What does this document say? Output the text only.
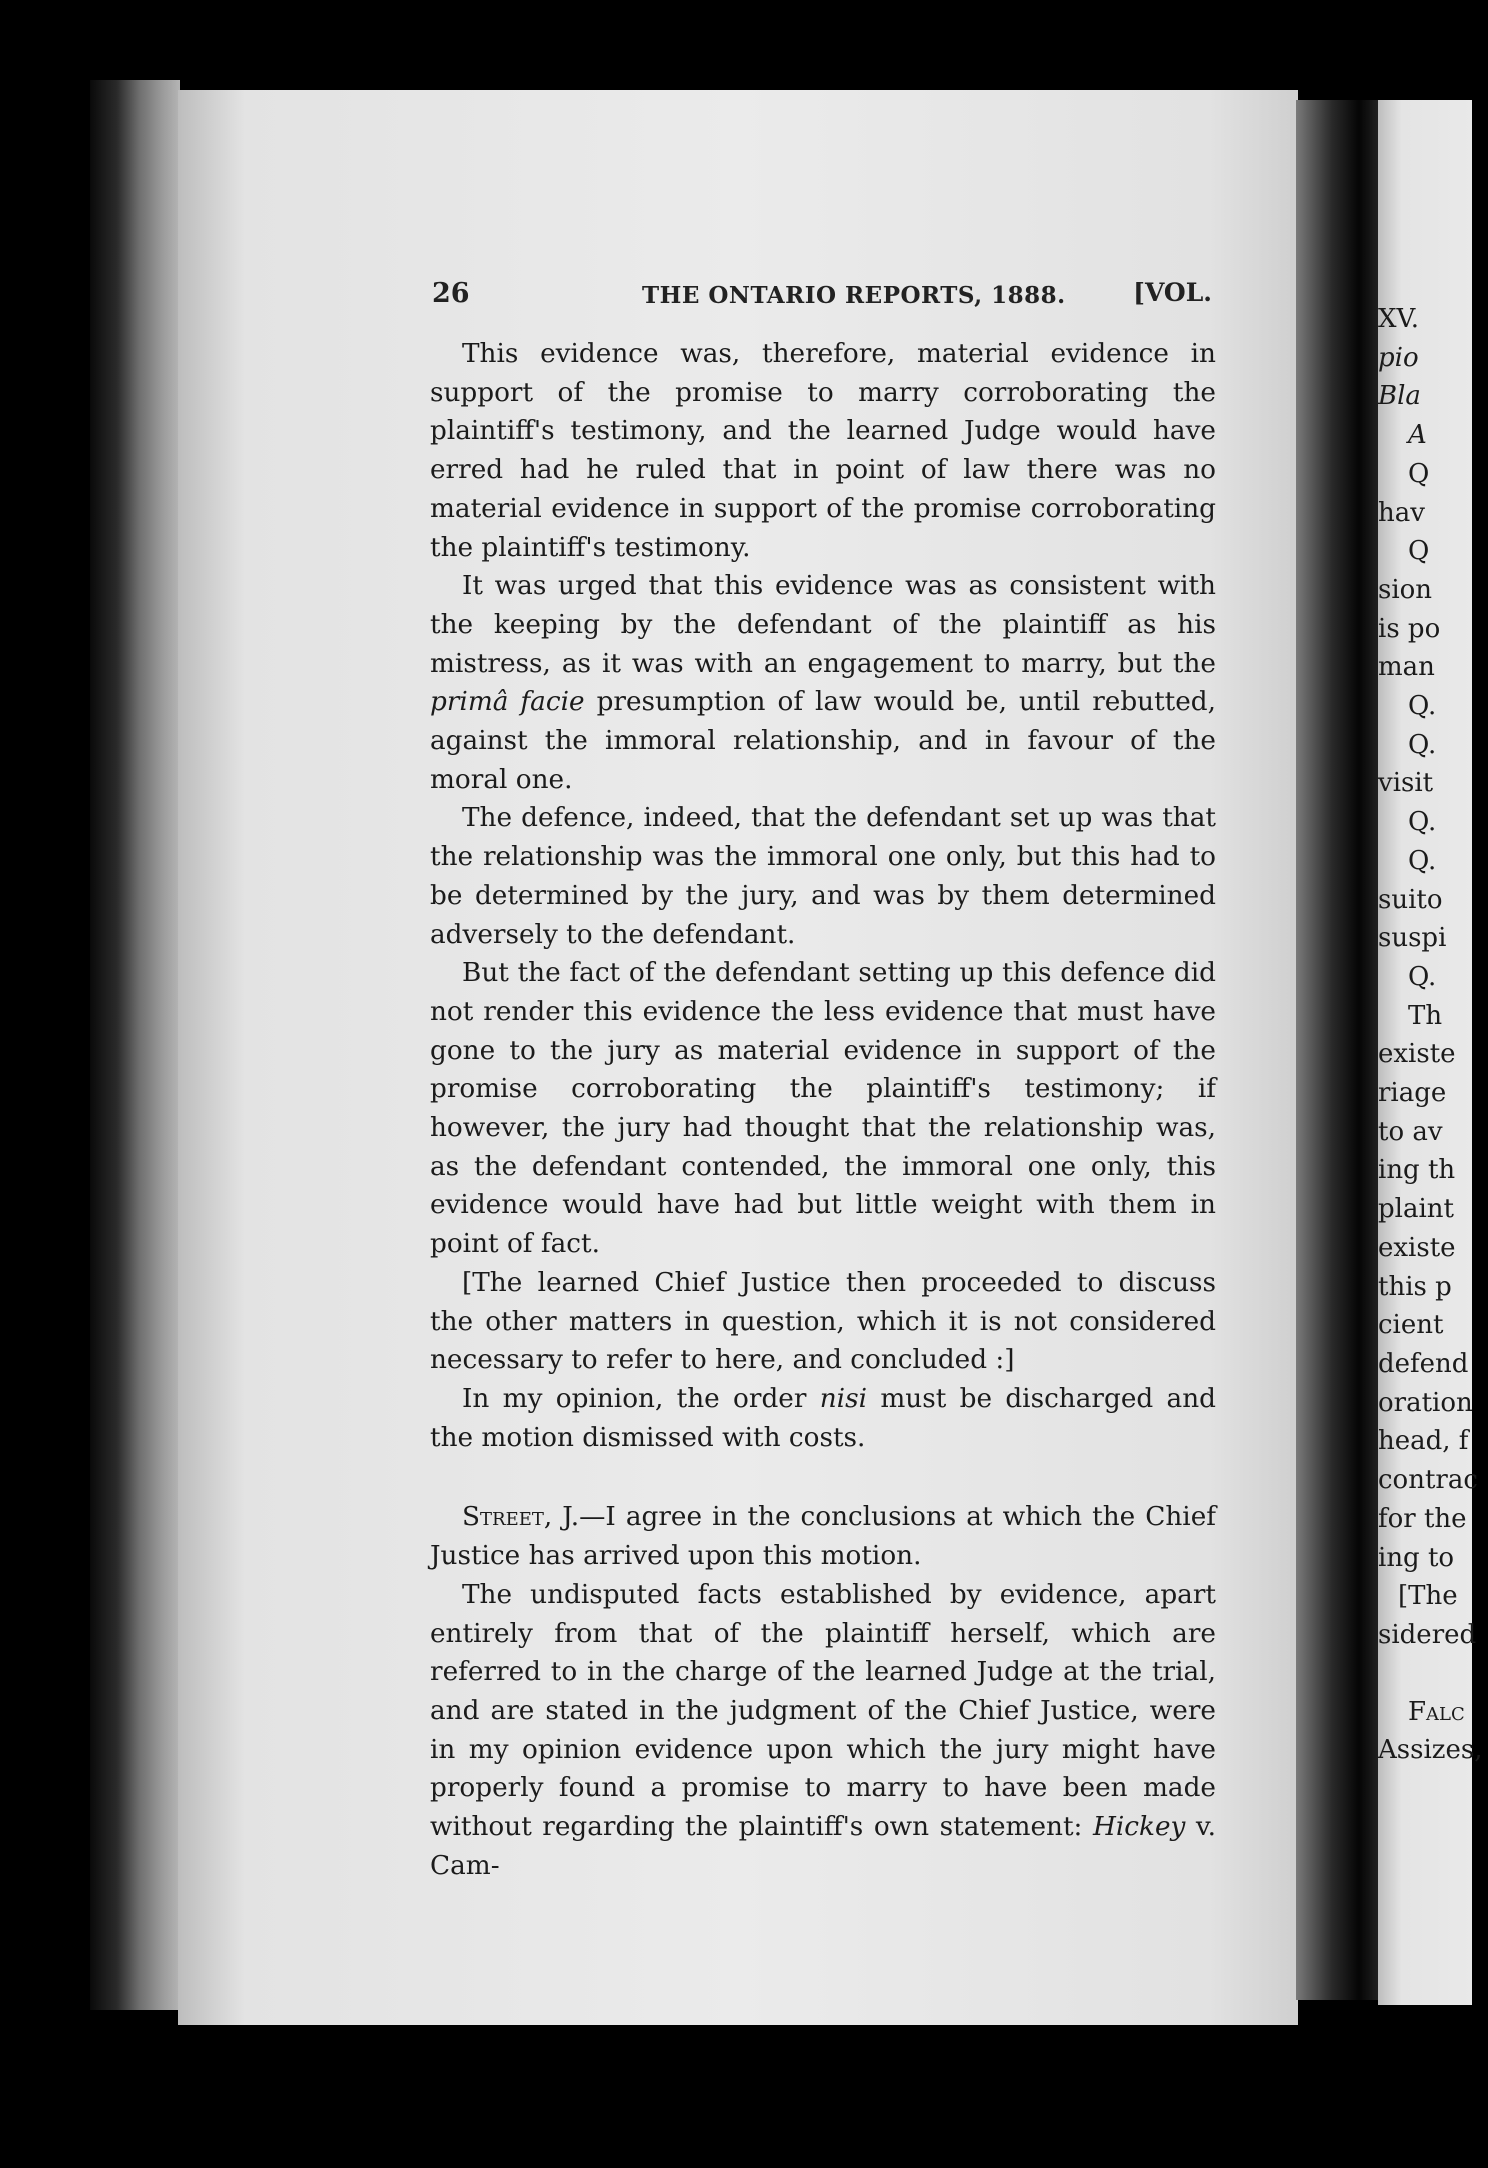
26	THE ONTARIO REPORTS, 1888.	[VOL.

This evidence was, therefore, material evidence in support of the promise to marry corroborating the plaintiff's testimony, and the learned Judge would have erred had he ruled that in point of law there was no material evidence in support of the promise corroborating the plaintiff's testimony.

It was urged that this evidence was as consistent with the keeping by the defendant of the plaintiff as his mistress, as it was with an engagement to marry, but the primâ facie presumption of law would be, until rebutted, against the immoral relationship, and in favour of the moral one.

The defence, indeed, that the defendant set up was that the relationship was the immoral one only, but this had to be determined by the jury, and was by them determined adversely to the defendant.

But the fact of the defendant setting up this defence did not render this evidence the less evidence that must have gone to the jury as material evidence in support of the promise corroborating the plaintiff's testimony; if however, the jury had thought that the relationship was, as the defendant contended, the immoral one only, this evidence would have had but little weight with them in point of fact.

[The learned Chief Justice then proceeded to discuss the other matters in question, which it is not considered necessary to refer to here, and concluded :]

In my opinion, the order nisi must be discharged and the motion dismissed with costs.

Street, J.—I agree in the conclusions at which the Chief Justice has arrived upon this motion.

The undisputed facts established by evidence, apart entirely from that of the plaintiff herself, which are referred to in the charge of the learned Judge at the trial, and are stated in the judgment of the Chief Justice, were in my opinion evidence upon which the jury might have properly found a promise to marry to have been made without regarding the plaintiff's own statement: Hickey v. Cam-

XV.
pio
Bla
A
Q
hav
Q
sion
is po
man
Q.
Q.
visit
Q.
Q.
suito
suspi
Q.
Th
existe
riage
to av
ing th
plaint
existe
this p
cient
defend
oration
head, f
contrac
for the
ing to
[The
sidered
Falc
Assizes,
